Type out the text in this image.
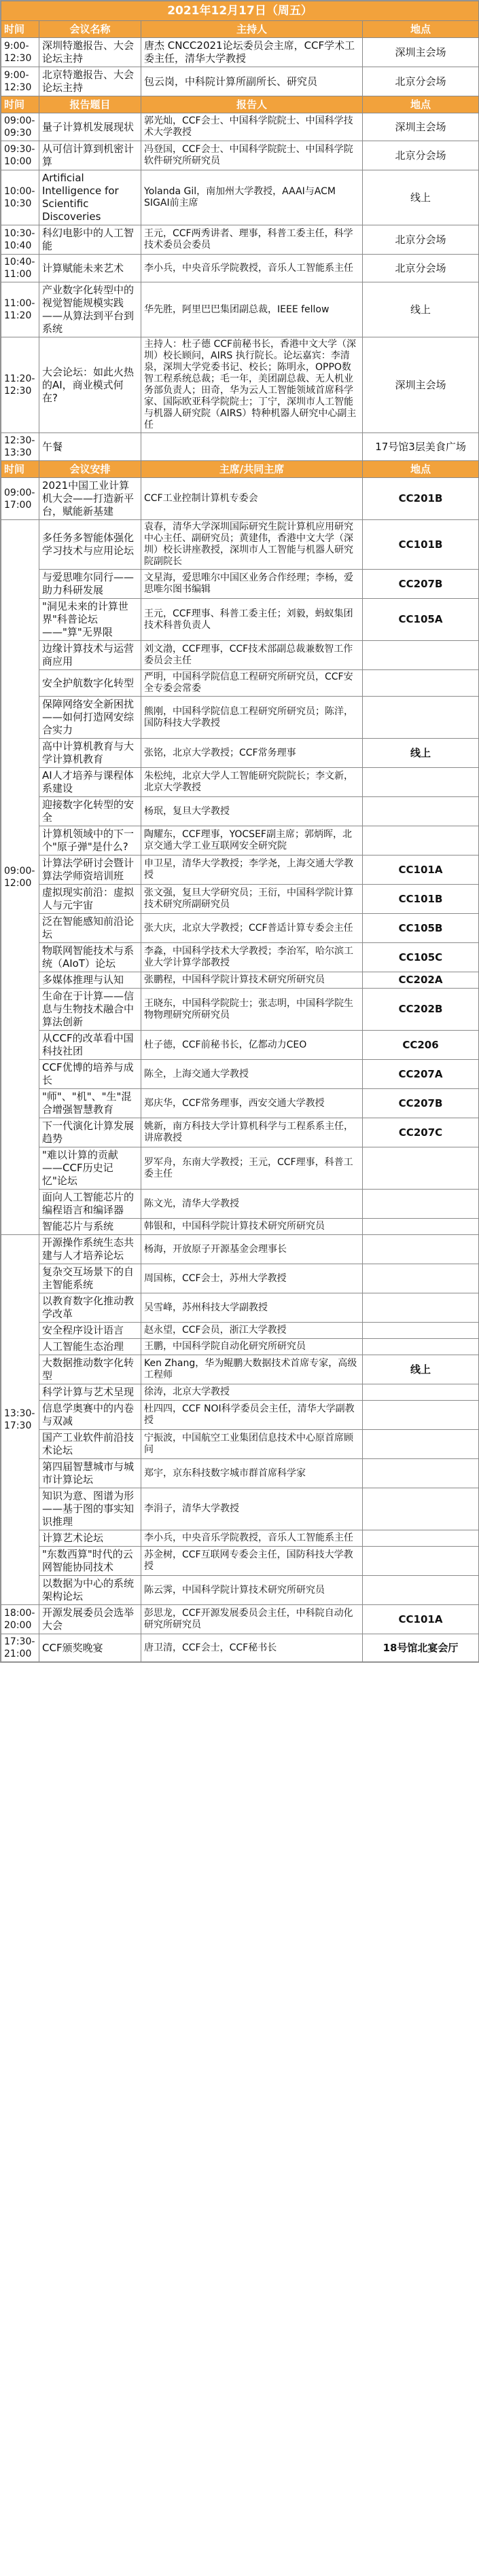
2021年12月17日（周五）			
时间	会议名称	主持人	地点
9:00-12:30	深圳特邀报告、大会论坛主持	唐杰 CNCC2021论坛委员会主席，CCF学术工委主任，清华大学教授	深圳主会场
9:00-12:30	北京特邀报告、大会论坛主持	包云岗，中科院计算所副所长、研究员	北京分会场
时间	报告题目	报告人	地点
09:00-09:30	量子计算机发展现状	郭光灿，CCF会士、中国科学院院士、中国科学技术大学教授	深圳主会场
09:30-10:00	从可信计算到机密计算	冯登国，CCF会士、中国科学院院士、中国科学院软件研究所研究员	北京分会场
10:00-10:30	Artificial Intelligence for Scientific Discoveries	Yolanda Gil，南加州大学教授，AAAI与ACM SIGAI前主席	线上
10:30-10:40	科幻电影中的人工智能	王元，CCF两秀讲者、理事，科普工委主任，科学技术委员会委员	北京分会场
10:40-11:00	计算赋能未来艺术	李小兵，中央音乐学院教授，音乐人工智能系主任	北京分会场
11:00-11:20	产业数字化转型中的视觉智能规模实践——从算法到平台到系统	华先胜，阿里巴巴集团副总裁，IEEE fellow	线上
11:20-12:30	大会论坛：如此火热的AI，商业模式何在?	主持人：杜子德 CCF前秘书长，香港中文大学（深圳）校长顾问，AIRS 执行院长。论坛嘉宾：李清泉，深圳大学党委书记、校长；陈明永，OPPO数智工程系统总裁；毛一年，美团副总裁、无人机业务部负责人；田奇，华为云人工智能领域首席科学家、国际欧亚科学院院士；丁宁，深圳市人工智能与机器人研究院（AIRS）特种机器人研究中心副主任	深圳主会场
12:30-13:30	午餐		17号馆3层美食广场
时间	会议安排	主席/共同主席	地点
09:00-17:00	2021中国工业计算机大会——打造新平台，赋能新基建	CCF工业控制计算机专委会	CC201B
09:00-12:00	多任务多智能体强化学习技术与应用论坛	袁春，清华大学深圳国际研究生院计算机应用研究中心主任、副研究员；黄建伟，香港中文大学（深圳）校长讲座教授，深圳市人工智能与机器人研究院副院长	CC101B
	与爱思唯尔同行——助力科研发展	文星海，爱思唯尔中国区业务合作经理；李杨，爱思唯尔图书编辑	CC207B
	"洞见未来的计算世界"科普论坛——"算"无界限	王元，CCF理事、科普工委主任；刘毅，蚂蚁集团技术科普负责人	CC105A
	边缘计算技术与运营商应用	刘文渤，CCF理事，CCF技术部副总裁兼数智工作委员会主任	
	安全护航数字化转型	严明，中国科学院信息工程研究所研究员，CCF安全专委会常委	
	保障网络安全新困扰——如何打造网安综合实力	熊刚，中国科学院信息工程研究所研究员；陈洋，国防科技大学教授	
	高中计算机教育与大学计算机教育	张铭，北京大学教授；CCF常务理事	线上
	AI人才培养与课程体系建设	朱松纯，北京大学人工智能研究院院长；李文新，北京大学教授	
	迎接数字化转型的安全	杨珉，复旦大学教授	
	计算机领域中的下一个"原子弹"是什么?	陶耀东，CCF理事，YOCSEF副主席；郭炳晖，北京交通大学工业互联网安全研究院	
	计算法学研讨会暨计算法学师资培训班	申卫星，清华大学教授；李学尧，上海交通大学教授	CC101A
	虚拟现实前沿：虚拟人与元宇宙	张文强，复旦大学研究员；王衍，中国科学院计算技术研究所副研究员	CC101B
	泛在智能感知前沿论坛	张大庆，北京大学教授；CCF普适计算专委会主任	CC105B
	物联网智能技术与系统（AIoT）论坛	李淼，中国科学技术大学教授；李治军，哈尔滨工业大学计算学部教授	CC105C
	多媒体推理与认知	张鹏程，中国科学院计算技术研究所研究员	CC202A
	生命在于计算——信息与生物技术融合中算法创新	王晓东，中国科学院院士；张志明，中国科学院生物物理研究所研究员	CC202B
	从CCF的改革看中国科技社团	杜子德，CCF前秘书长，亿都动力CEO	CC206
	CCF优博的培养与成长	陈全，上海交通大学教授	CC207A
	"师"、"机"、"生"混合增强智慧教育	郑庆华，CCF常务理事，西安交通大学教授	CC207B
	下一代演化计算发展趋势	姚新，南方科技大学计算机科学与工程系系主任，讲席教授	CC207C
	"难以计算的贡献——CCF历史记忆"论坛	罗军舟，东南大学教授；王元，CCF理事，科普工委主任	
	面向人工智能芯片的编程语言和编译器	陈文光，清华大学教授	
	智能芯片与系统	韩银和，中国科学院计算技术研究所研究员	
13:30-17:30	开源操作系统生态共建与人才培养论坛	杨海，开放原子开源基金会理事长	
	复杂交互场景下的自主智能系统	周国栋，CCF会士，苏州大学教授	
	以教育数字化推动教学改革	吴雪峰，苏州科技大学副教授	
	安全程序设计语言	赵永望，CCF会员，浙江大学教授	
	人工智能生态治理	王鹏，中国科学院自动化研究所研究员	
	大数据推动数字化转型	Ken Zhang，华为鲲鹏大数据技术首席专家，高级工程师	线上
	科学计算与艺术呈现	徐涛，北京大学教授	
	信息学奥赛中的内卷与双减	杜四四，CCF NOI科学委员会主任，清华大学副教授	
	国产工业软件前沿技术论坛	宁振波，中国航空工业集团信息技术中心原首席顾问	
	第四届智慧城市与城市计算论坛	郑宇，京东科技数字城市群首席科学家	
	知识为意、图谱为形——基于图的事实知识推理	李涓子，清华大学教授	
	计算艺术论坛	李小兵，中央音乐学院教授，音乐人工智能系主任	
	"东数西算"时代的云网智能协同技术	苏金树，CCF互联网专委会主任，国防科技大学教授	
	以数据为中心的系统架构论坛	陈云霁，中国科学院计算技术研究所研究员	
18:00-20:00	开源发展委员会选举大会	彭思龙，CCF开源发展委员会主任，中科院自动化研究所研究员	CC101A
17:30-21:00	CCF颁奖晚宴	唐卫清，CCF会士，CCF秘书长	18号馆北宴会厅
